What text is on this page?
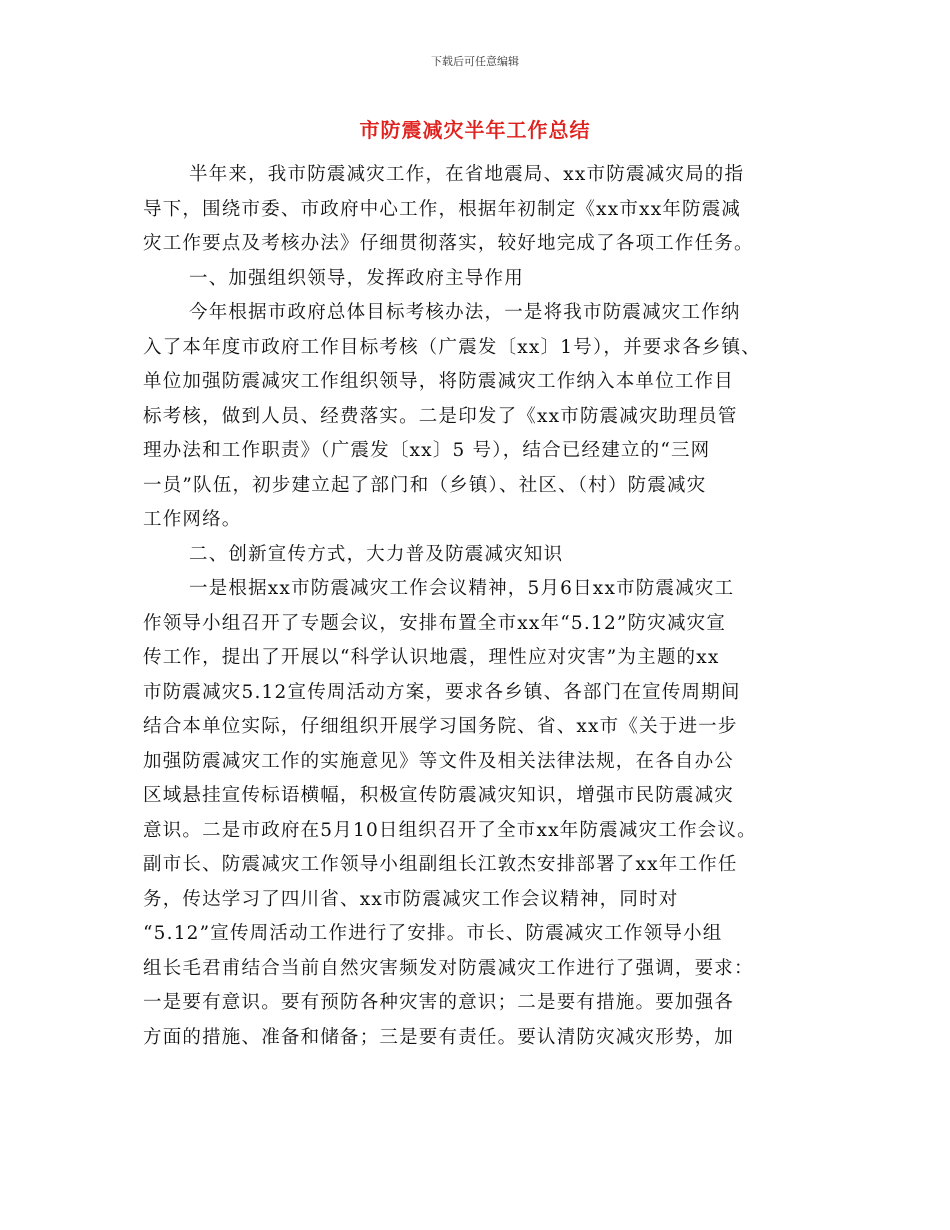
下载后可任意编辑
市防震减灾半年工作总结
半年来，我市防震减灾工作，在省地震局、xx市防震减灾局的指
导下，围绕市委、市政府中心工作，根据年初制定《xx市xx年防震减
灾工作要点及考核办法》仔细贯彻落实，较好地完成了各项工作任务。
一、加强组织领导，发挥政府主导作用
今年根据市政府总体目标考核办法，一是将我市防震减灾工作纳
入了本年度市政府工作目标考核（广震发〔xx〕1号），并要求各乡镇、
单位加强防震减灾工作组织领导，将防震减灾工作纳入本单位工作目
标考核，做到人员、经费落实。二是印发了《xx市防震减灾助理员管
理办法和工作职责》（广震发〔xx〕5 号），结合已经建立的“三网
一员”队伍，初步建立起了部门和（乡镇）、社区、（村）防震减灾
工作网络。
二、创新宣传方式，大力普及防震减灾知识
一是根据xx市防震减灾工作会议精神，5月6日xx市防震减灾工
作领导小组召开了专题会议，安排布置全市xx年“5.12”防灾减灾宣
传工作，提出了开展以“科学认识地震，理性应对灾害”为主题的xx
市防震减灾5.12宣传周活动方案，要求各乡镇、各部门在宣传周期间
结合本单位实际，仔细组织开展学习国务院、省、xx市《关于进一步
加强防震减灾工作的实施意见》等文件及相关法律法规，在各自办公
区域悬挂宣传标语横幅，积极宣传防震减灾知识，增强市民防震减灾
意识。二是市政府在5月10日组织召开了全市xx年防震减灾工作会议。
副市长、防震减灾工作领导小组副组长江敦杰安排部署了xx年工作任
务，传达学习了四川省、xx市防震减灾工作会议精神，同时对
“5.12”宣传周活动工作进行了安排。市长、防震减灾工作领导小组
组长毛君甫结合当前自然灾害频发对防震减灾工作进行了强调，要求：
一是要有意识。要有预防各种灾害的意识；二是要有措施。要加强各
方面的措施、准备和储备；三是要有责任。要认清防灾减灾形势，加
